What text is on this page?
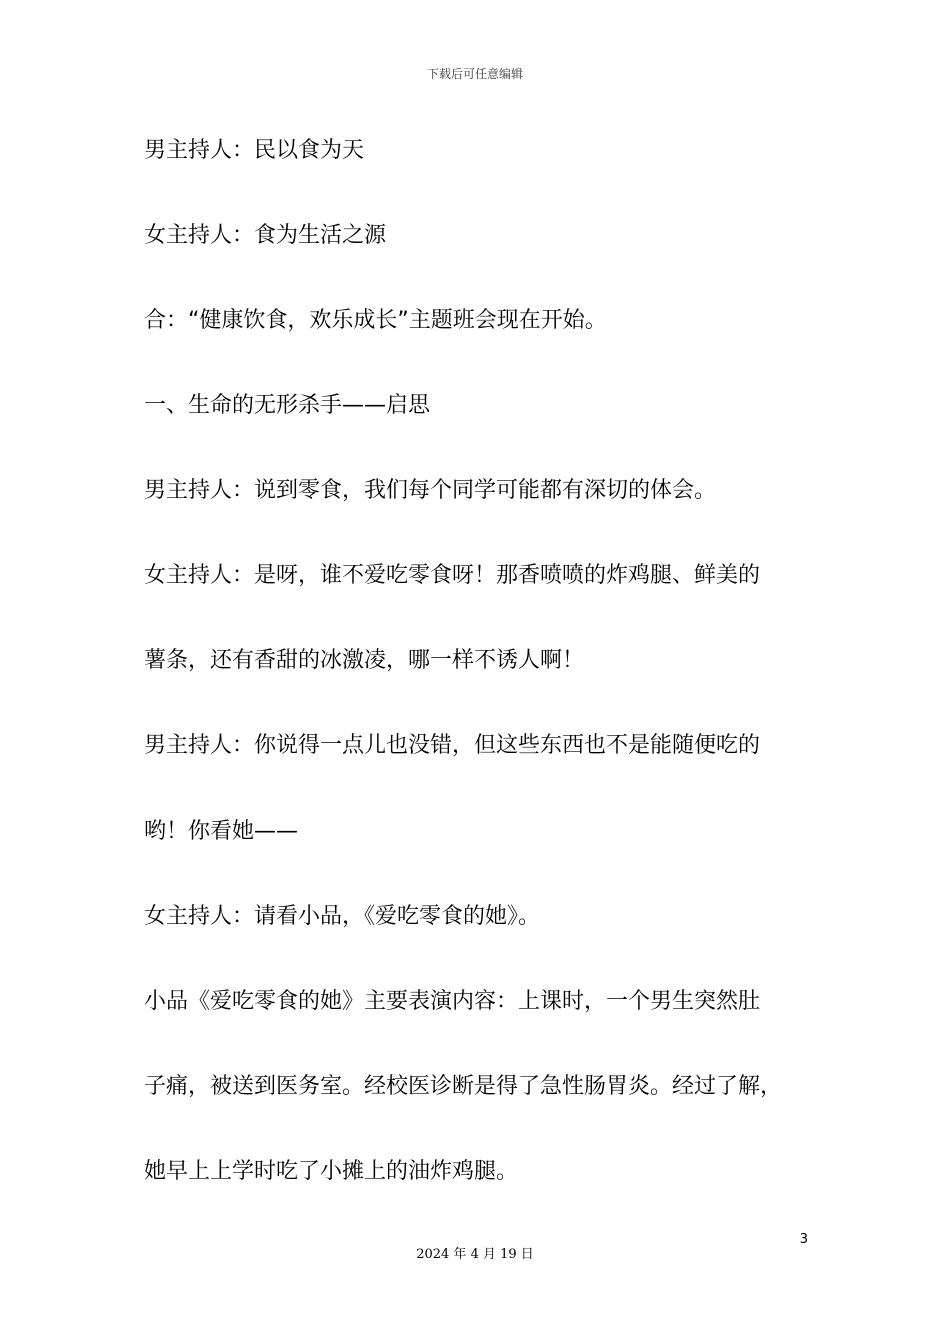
下载后可任意编辑
男主持人：民以食为天
女主持人：食为生活之源
合：“健康饮食，欢乐成长”主题班会现在开始。
一、生命的无形杀手——启思
男主持人：说到零食，我们每个同学可能都有深切的体会。
女主持人：是呀，谁不爱吃零食呀！那香喷喷的炸鸡腿、鲜美的
薯条，还有香甜的冰激凌，哪一样不诱人啊！
男主持人：你说得一点儿也没错，但这些东西也不是能随便吃的
哟！你看她——
女主持人：请看小品，《爱吃零食的她》。
小品《爱吃零食的她》主要表演内容：上课时，一个男生突然肚
子痛，被送到医务室。经校医诊断是得了急性肠胃炎。经过了解，
她早上上学时吃了小摊上的油炸鸡腿。
3
2024 年 4 月 19 日
